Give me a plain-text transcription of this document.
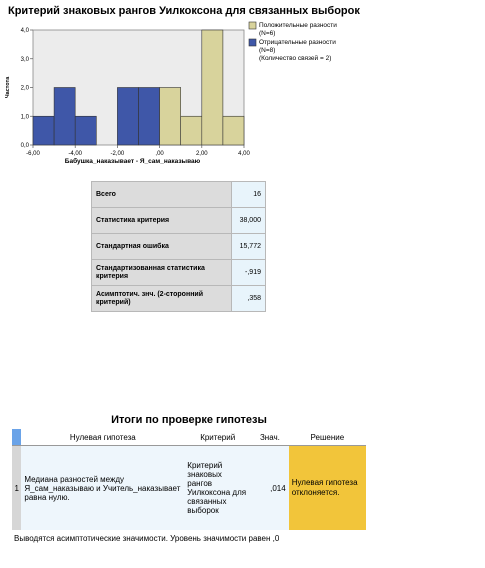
Критерий знаковых рангов Уилкоксона для связанных выборок
0,0
1,0
2,0
3,0
4,0
-6,00	-4,00	-2,00	,00	2,00	4,00
Частота
Бабушка_наказывает - Я_сам_наказываю
Положительные разности
(N=6)
Отрицательные разности
(N=8)
(Количество связей = 2)
Всего	16
Статистика критерия	38,000
Стандартная ошибка	15,772
Стандартизованная статистика критерия	-,919
Асимптотич. знч. (2-сторонний критерий)	,358
Итоги по проверке гипотезы
	Нулевая гипотеза	Критерий	Знач.	Решение
1	Медиана разностей между Я_сам_наказываю и Учитель_наказывает равна нулю.	Критерий знаковых рангов Уилкоксона для связанных выборок	,014	Нулевая гипотеза отклоняется.
Выводятся асимптотические значимости. Уровень значимости равен ,0
